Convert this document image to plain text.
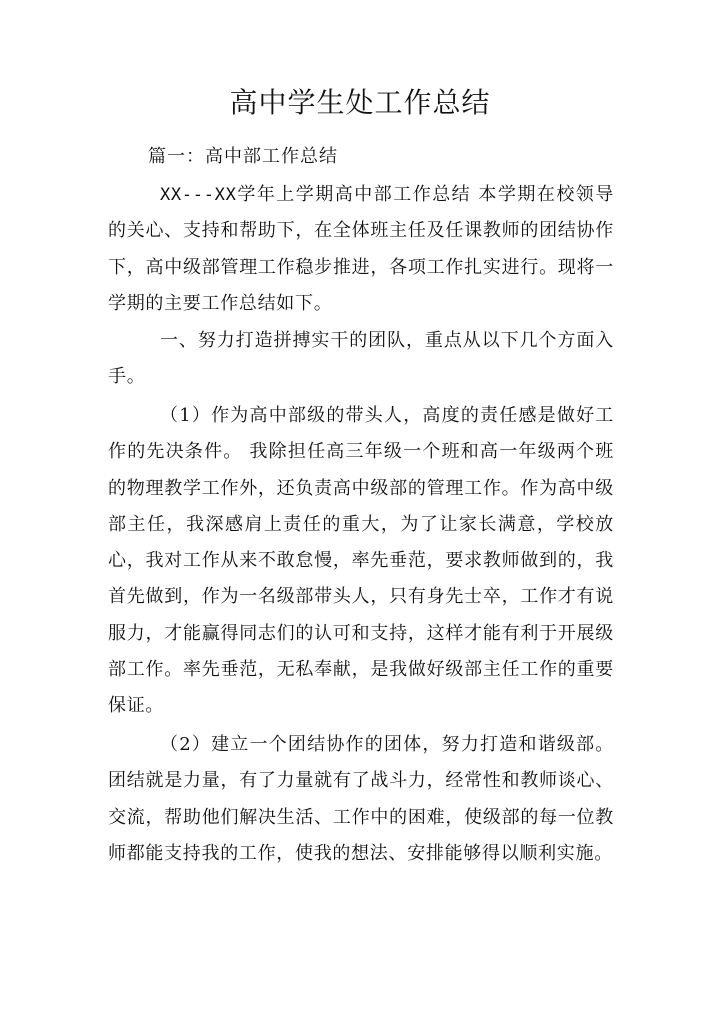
高中学生处工作总结
篇一：高中部工作总结
XX---XX学年上学期高中部工作总结 本学期在校领导的关心、支持和帮助下，在全体班主任及任课教师的团结协作下，高中级部管理工作稳步推进，各项工作扎实进行。现将一学期的主要工作总结如下。
一、努力打造拼搏实干的团队，重点从以下几个方面入手。
（1）作为高中部级的带头人，高度的责任感是做好工作的先决条件。 我除担任高三年级一个班和高一年级两个班的物理教学工作外，还负责高中级部的管理工作。作为高中级部主任，我深感肩上责任的重大，为了让家长满意，学校放心，我对工作从来不敢怠慢，率先垂范，要求教师做到的，我首先做到，作为一名级部带头人，只有身先士卒，工作才有说服力，才能赢得同志们的认可和支持，这样才能有利于开展级部工作。率先垂范，无私奉献，是我做好级部主任工作的重要保证。
（2）建立一个团结协作的团体，努力打造和谐级部。团结就是力量，有了力量就有了战斗力，经常性和教师谈心、交流，帮助他们解决生活、工作中的困难，使级部的每一位教师都能支持我的工作，使我的想法、安排能够得以顺利实施。
